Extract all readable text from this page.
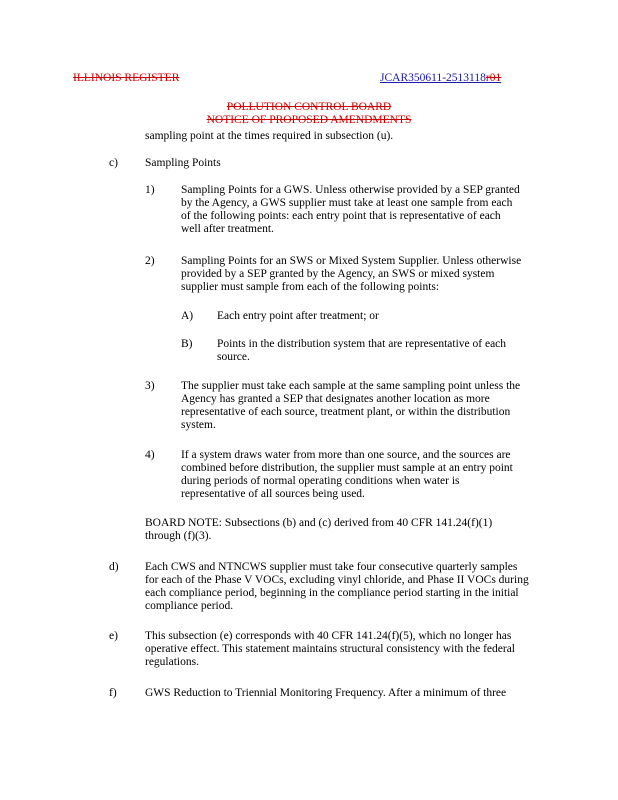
ILLINOIS REGISTER	JCAR350611-2513118r01
POLLUTION CONTROL BOARD
NOTICE OF PROPOSED AMENDMENTS

sampling point at the times required in subsection (u).

c) Sampling Points
1) Sampling Points for a GWS. Unless otherwise provided by a SEP granted

by the Agency, a GWS supplier must take at least one sample from each

of the following points: each entry point that is representative of each

well after treatment.

2) Sampling Points for an SWS or Mixed System Supplier. Unless otherwise

provided by a SEP granted by the Agency, an SWS or mixed system

supplier must sample from each of the following points:

A) Each entry point after treatment; or

B) Points in the distribution system that are representative of each

source.

3) The supplier must take each sample at the same sampling point unless the

Agency has granted a SEP that designates another location as more

representative of each source, treatment plant, or within the distribution

system.

4) If a system draws water from more than one source, and the sources are

combined before distribution, the supplier must sample at an entry point

during periods of normal operating conditions when water is

representative of all sources being used.

BOARD NOTE: Subsections (b) and (c) derived from 40 CFR 141.24(f)(1)

through (f)(3).

d) Each CWS and NTNCWS supplier must take four consecutive quarterly samples

for each of the Phase V VOCs, excluding vinyl chloride, and Phase II VOCs during

each compliance period, beginning in the compliance period starting in the initial

compliance period.

e) This subsection (e) corresponds with 40 CFR 141.24(f)(5), which no longer has

operative effect. This statement maintains structural consistency with the federal

regulations.

f) GWS Reduction to Triennial Monitoring Frequency. After a minimum of three
